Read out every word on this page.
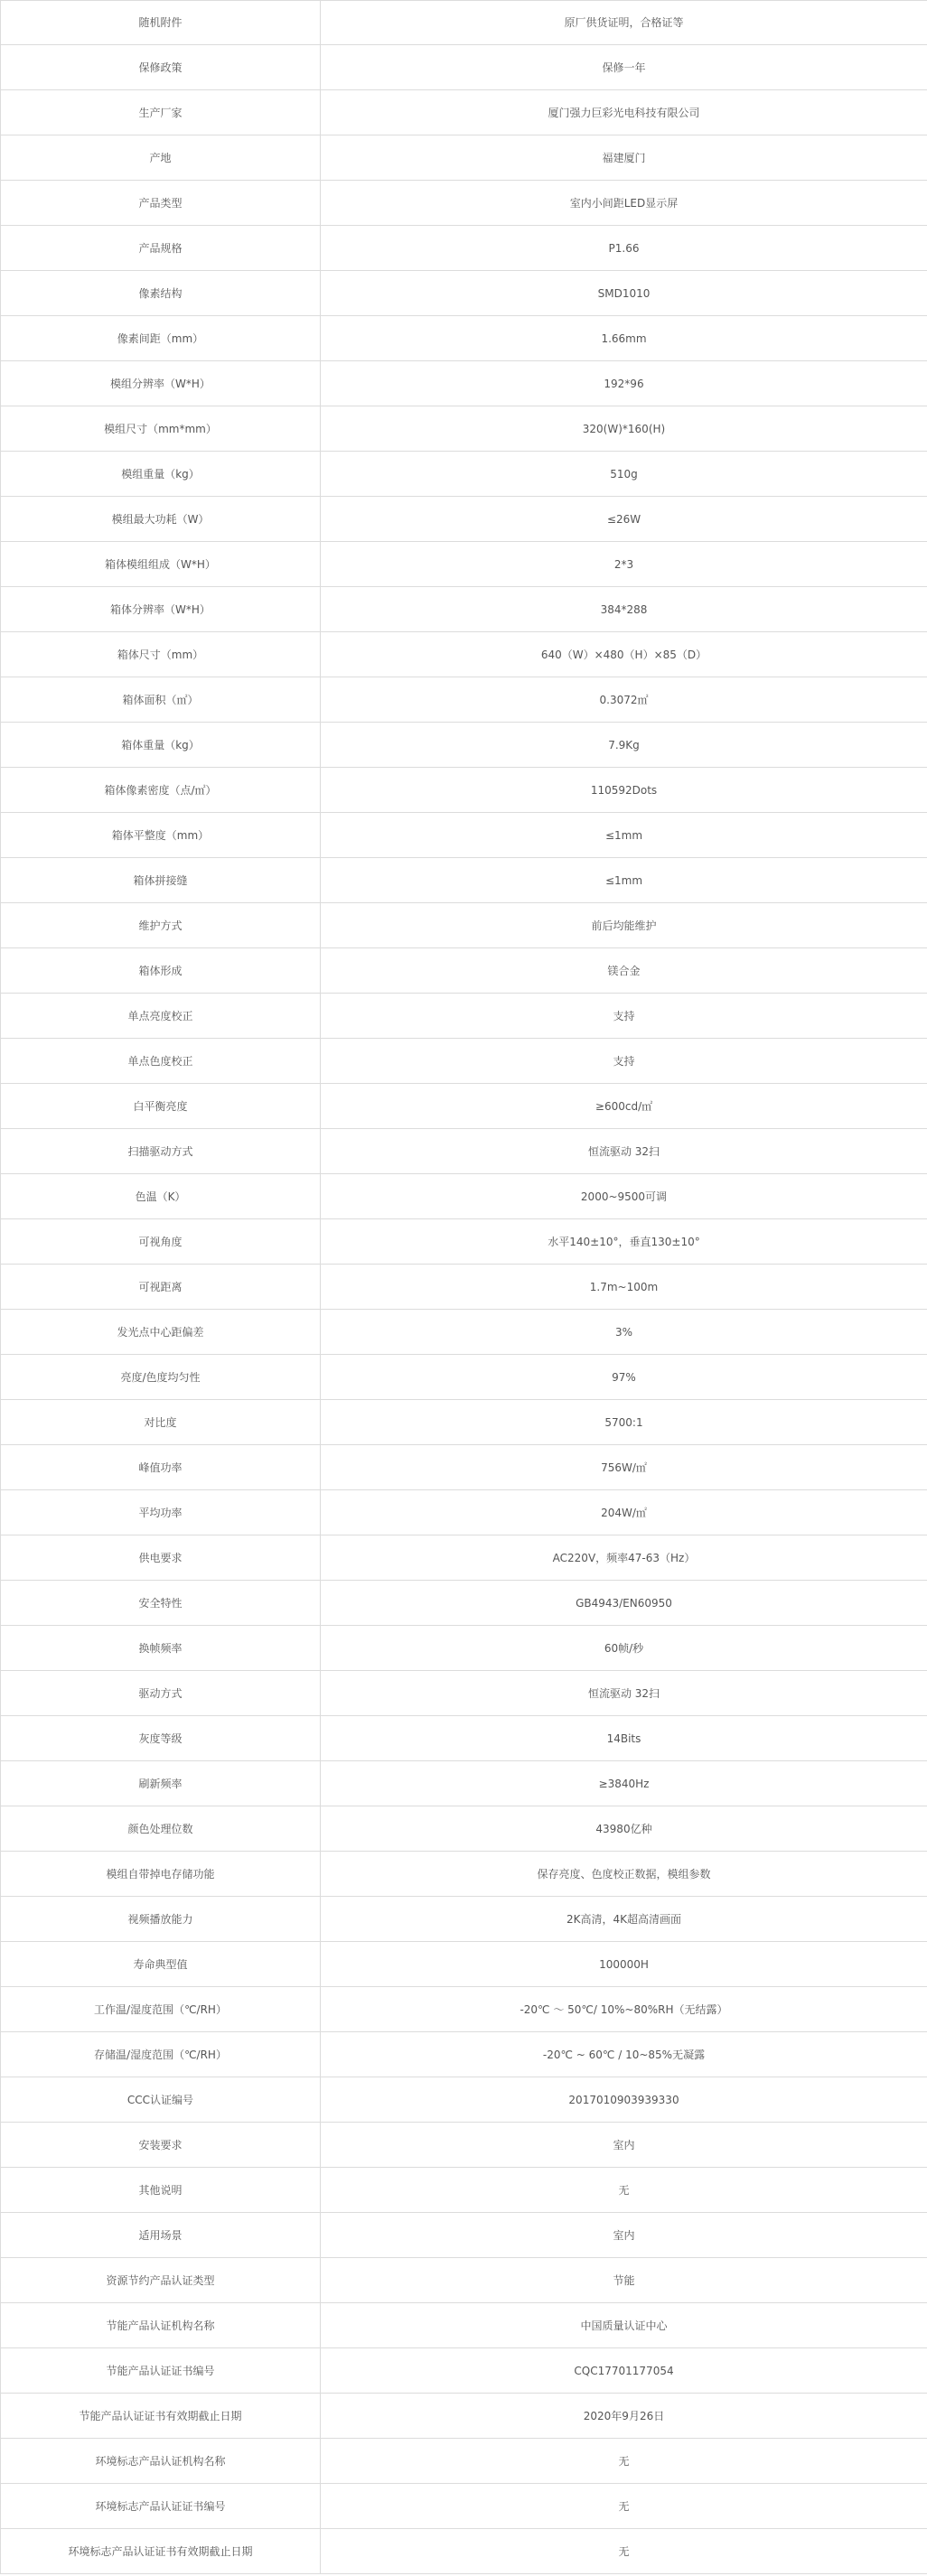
随机附件	原厂供货证明，合格证等
保修政策	保修一年
生产厂家	厦门强力巨彩光电科技有限公司
产地	福建厦门
产品类型	室内小间距LED显示屏
产品规格	P1.66
像素结构	SMD1010
像素间距（mm）	1.66mm
模组分辨率（W*H）	192*96
模组尺寸（mm*mm）	320(W)*160(H)
模组重量（kg）	510g
模组最大功耗（W）	≤26W
箱体模组组成（W*H）	2*3
箱体分辨率（W*H）	384*288
箱体尺寸（mm）	640（W）×480（H）×85（D）
箱体面积（㎡）	0.3072㎡
箱体重量（kg）	7.9Kg
箱体像素密度（点/㎡）	110592Dots
箱体平整度（mm）	≤1mm
箱体拼接缝	≤1mm
维护方式	前后均能维护
箱体形成	镁合金
单点亮度校正	支持
单点色度校正	支持
白平衡亮度	≥600cd/㎡
扫描驱动方式	恒流驱动 32扫
色温（K）	2000~9500可调
可视角度	水平140±10°，垂直130±10°
可视距离	1.7m~100m
发光点中心距偏差	3%
亮度/色度均匀性	97%
对比度	5700:1
峰值功率	756W/㎡
平均功率	204W/㎡
供电要求	AC220V，频率47-63（Hz）
安全特性	GB4943/EN60950
换帧频率	60帧/秒
驱动方式	恒流驱动 32扫
灰度等级	14Bits
刷新频率	≥3840Hz
颜色处理位数	43980亿种
模组自带掉电存储功能	保存亮度、色度校正数据，模组参数
视频播放能力	2K高清，4K超高清画面
寿命典型值	100000H
工作温/湿度范围（℃/RH）	-20℃ ～ 50℃/ 10%~80%RH（无结露）
存储温/湿度范围（℃/RH）	-20℃ ~ 60℃ / 10~85%无凝露
CCC认证编号	2017010903939330
安装要求	室内
其他说明	无
适用场景	室内
资源节约产品认证类型	节能
节能产品认证机构名称	中国质量认证中心
节能产品认证证书编号	CQC17701177054
节能产品认证证书有效期截止日期	2020年9月26日
环境标志产品认证机构名称	无
环境标志产品认证证书编号	无
环境标志产品认证证书有效期截止日期	无
